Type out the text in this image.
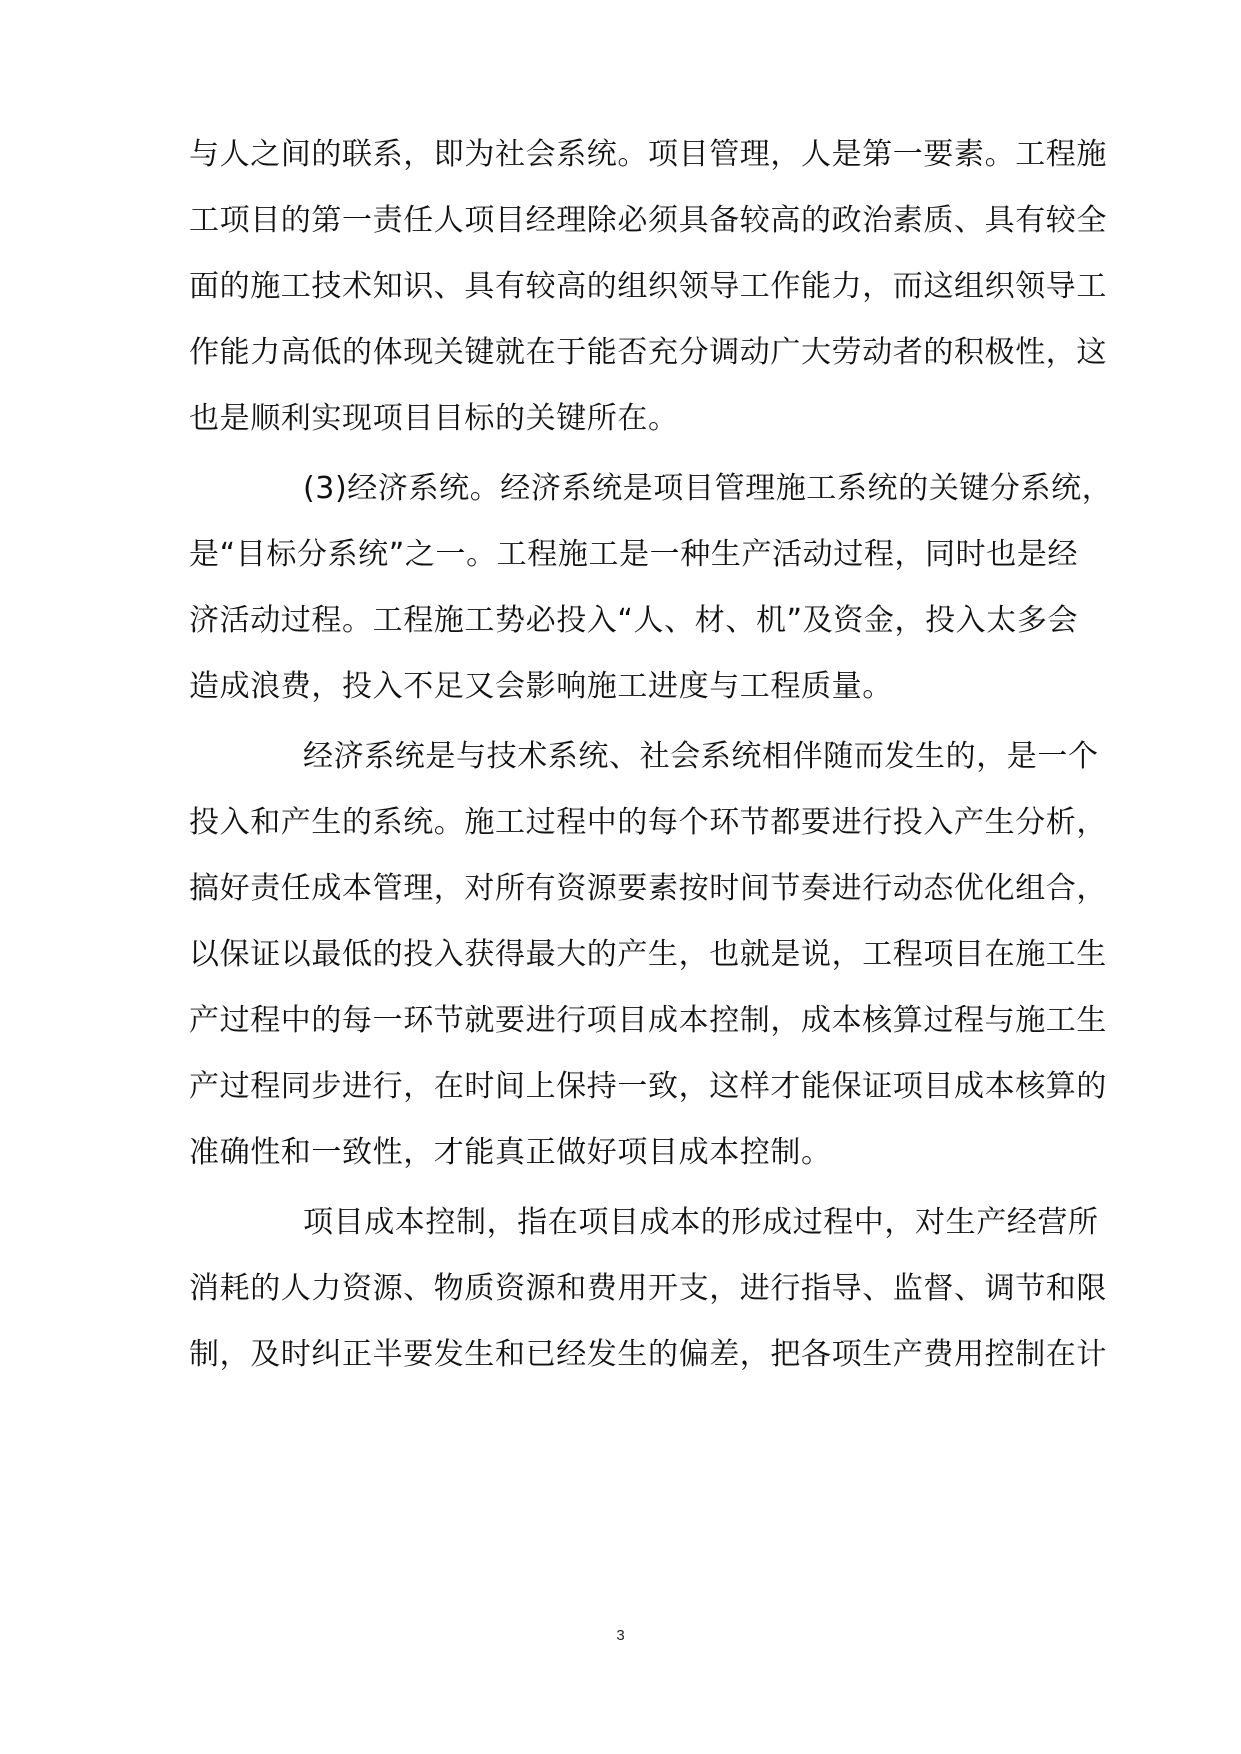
与人之间的联系，即为社会系统。项目管理，人是第一要素。工程施
工项目的第一责任人项目经理除必须具备较高的政治素质、具有较全
面的施工技术知识、具有较高的组织领导工作能力，而这组织领导工
作能力高低的体现关键就在于能否充分调动广大劳动者的积极性，这
也是顺利实现项目目标的关键所在。
(3)经济系统。经济系统是项目管理施工系统的关键分系统，
是“目标分系统”之一。工程施工是一种生产活动过程，同时也是经
济活动过程。工程施工势必投入“人、材、机”及资金，投入太多会
造成浪费，投入不足又会影响施工进度与工程质量。
经济系统是与技术系统、社会系统相伴随而发生的，是一个
投入和产生的系统。施工过程中的每个环节都要进行投入产生分析，
搞好责任成本管理，对所有资源要素按时间节奏进行动态优化组合，
以保证以最低的投入获得最大的产生，也就是说，工程项目在施工生
产过程中的每一环节就要进行项目成本控制，成本核算过程与施工生
产过程同步进行，在时间上保持一致，这样才能保证项目成本核算的
准确性和一致性，才能真正做好项目成本控制。
项目成本控制，指在项目成本的形成过程中，对生产经营所
消耗的人力资源、物质资源和费用开支，进行指导、监督、调节和限
制，及时纠正半要发生和已经发生的偏差，把各项生产费用控制在计
3
